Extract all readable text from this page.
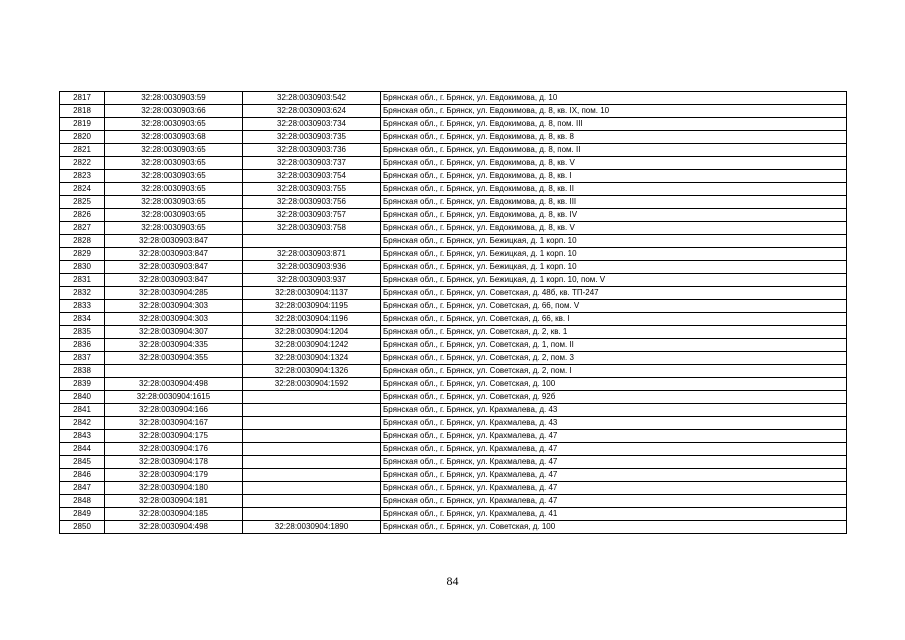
2817	32:28:0030903:59	32:28:0030903:542	Брянская обл., г. Брянск, ул. Евдокимова, д. 10
2818	32:28:0030903:66	32:28:0030903:624	Брянская обл., г. Брянск, ул. Евдокимова, д. 8, кв. IX, пом. 10
2819	32:28:0030903:65	32:28:0030903:734	Брянская обл., г. Брянск, ул. Евдокимова, д. 8, пом. III
2820	32:28:0030903:68	32:28:0030903:735	Брянская обл., г. Брянск, ул. Евдокимова, д. 8, кв. 8
2821	32:28:0030903:65	32:28:0030903:736	Брянская обл., г. Брянск, ул. Евдокимова, д. 8, пом. II
2822	32:28:0030903:65	32:28:0030903:737	Брянская обл., г. Брянск, ул. Евдокимова, д. 8, кв. V
2823	32:28:0030903:65	32:28:0030903:754	Брянская обл., г. Брянск, ул. Евдокимова, д. 8, кв. I
2824	32:28:0030903:65	32:28:0030903:755	Брянская обл., г. Брянск, ул. Евдокимова, д. 8, кв. II
2825	32:28:0030903:65	32:28:0030903:756	Брянская обл., г. Брянск, ул. Евдокимова, д. 8, кв. III
2826	32:28:0030903:65	32:28:0030903:757	Брянская обл., г. Брянск, ул. Евдокимова, д. 8, кв. IV
2827	32:28:0030903:65	32:28:0030903:758	Брянская обл., г. Брянск, ул. Евдокимова, д. 8, кв. V
2828	32:28:0030903:847		Брянская обл., г. Брянск, ул. Бежицкая, д. 1 корп. 10
2829	32:28:0030903:847	32:28:0030903:871	Брянская обл., г. Брянск, ул. Бежицкая, д. 1 корп. 10
2830	32:28:0030903:847	32:28:0030903:936	Брянская обл., г. Брянск, ул. Бежицкая, д. 1 корп. 10
2831	32:28:0030903:847	32:28:0030903:937	Брянская обл., г. Брянск, ул. Бежицкая, д. 1 корп. 10, пом. V
2832	32:28:0030904:285	32:28:0030904:1137	Брянская обл., г. Брянск, ул. Советская, д. 48б, кв. ТП-247
2833	32:28:0030904:303	32:28:0030904:1195	Брянская обл., г. Брянск, ул. Советская, д. 66, пом. V
2834	32:28:0030904:303	32:28:0030904:1196	Брянская обл., г. Брянск, ул. Советская, д. 66, кв. I
2835	32:28:0030904:307	32:28:0030904:1204	Брянская обл., г. Брянск, ул. Советская, д. 2, кв. 1
2836	32:28:0030904:335	32:28:0030904:1242	Брянская обл., г. Брянск, ул. Советская, д. 1, пом. II
2837	32:28:0030904:355	32:28:0030904:1324	Брянская обл., г. Брянск, ул. Советская, д. 2, пом. 3
2838		32:28:0030904:1326	Брянская обл., г. Брянск, ул. Советская, д. 2, пом. I
2839	32:28:0030904:498	32:28:0030904:1592	Брянская обл., г. Брянск, ул. Советская, д. 100
2840	32:28:0030904:1615		Брянская обл., г. Брянск, ул. Советская, д. 92б
2841	32:28:0030904:166		Брянская обл., г. Брянск, ул. Крахмалева, д. 43
2842	32:28:0030904:167		Брянская обл., г. Брянск, ул. Крахмалева, д. 43
2843	32:28:0030904:175		Брянская обл., г. Брянск, ул. Крахмалева, д. 47
2844	32:28:0030904:176		Брянская обл., г. Брянск, ул. Крахмалева, д. 47
2845	32:28:0030904:178		Брянская обл., г. Брянск, ул. Крахмалева, д. 47
2846	32:28:0030904:179		Брянская обл., г. Брянск, ул. Крахмалева, д. 47
2847	32:28:0030904:180		Брянская обл., г. Брянск, ул. Крахмалева, д. 47
2848	32:28:0030904:181		Брянская обл., г. Брянск, ул. Крахмалева, д. 47
2849	32:28:0030904:185		Брянская обл., г. Брянск, ул. Крахмалева, д. 41
2850	32:28:0030904:498	32:28:0030904:1890	Брянская обл., г. Брянск, ул. Советская, д. 100
84
